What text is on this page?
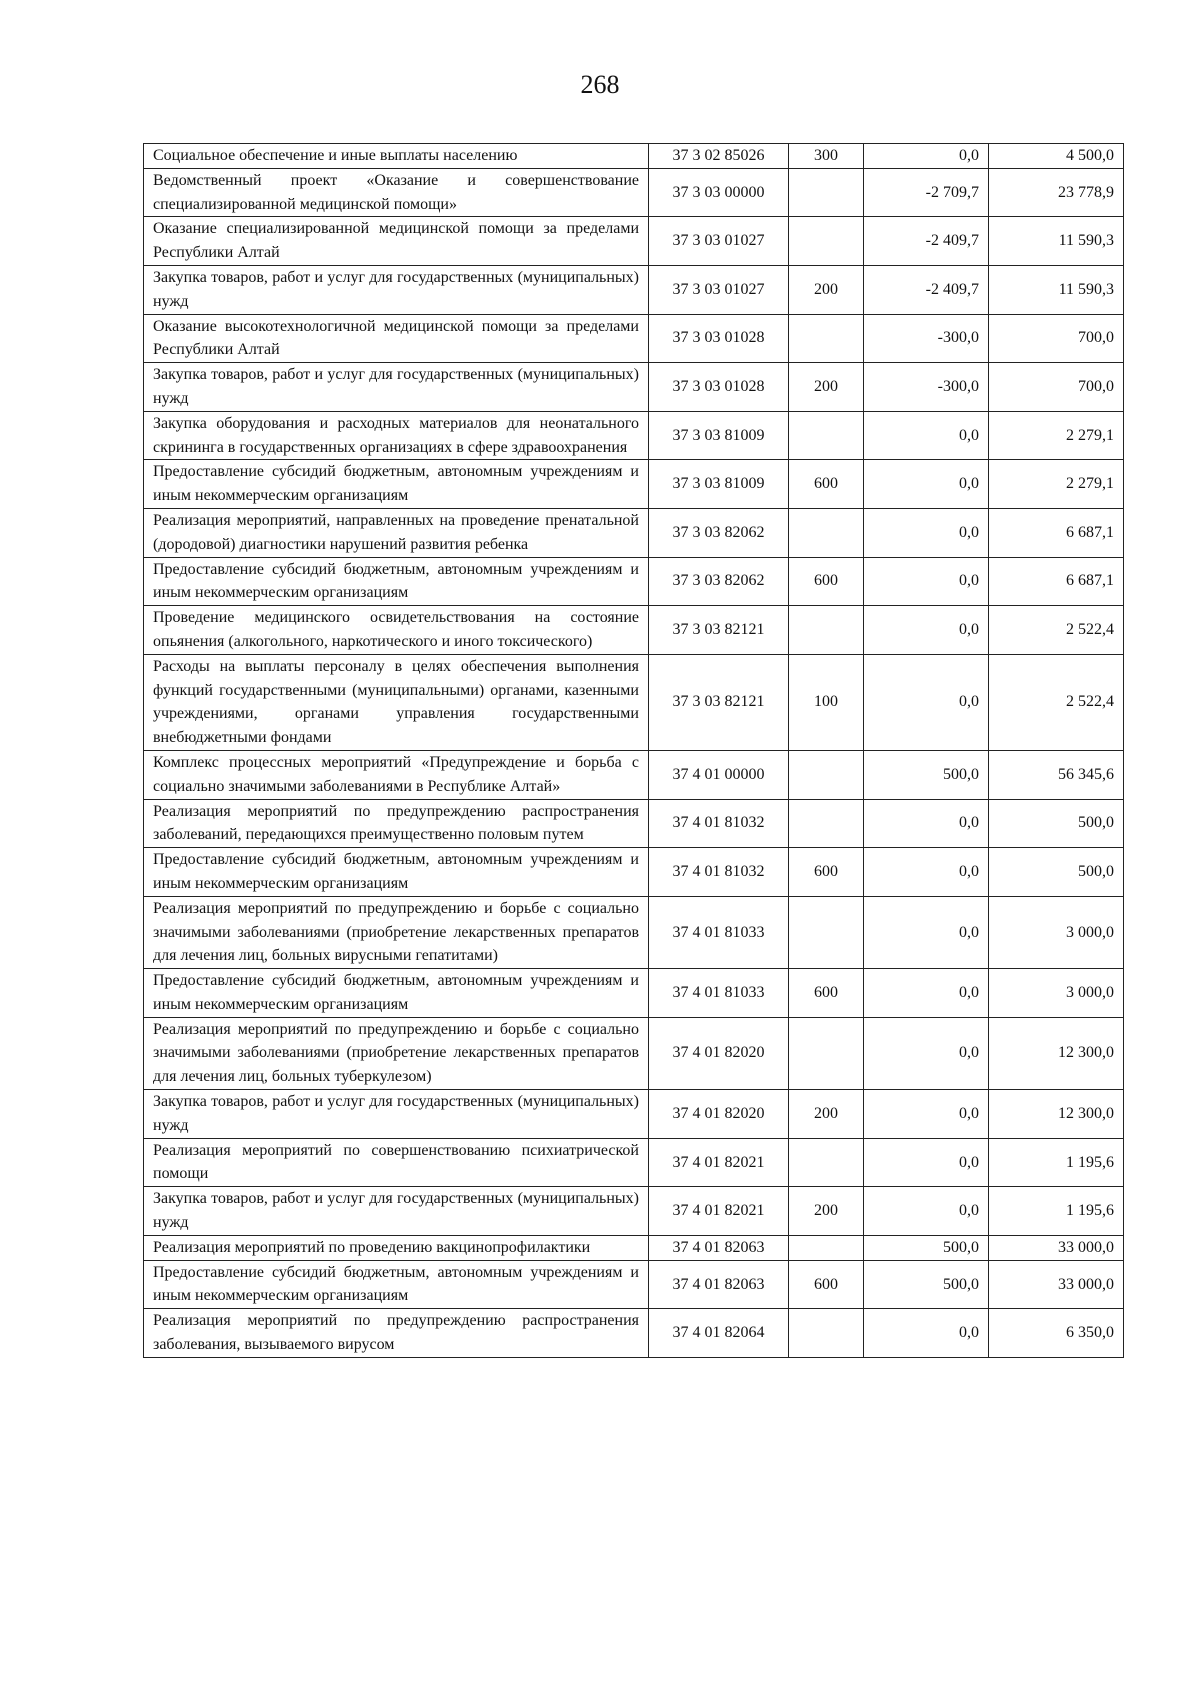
268
Социальное обеспечение и иные выплаты населению	37 3 02 85026	300	0,0	4 500,0
Ведомственный проект «Оказание и совершенствование специализированной медицинской помощи»	37 3 03 00000		-2 709,7	23 778,9
Оказание специализированной медицинской помощи за пределами Республики Алтай	37 3 03 01027		-2 409,7	11 590,3
Закупка товаров, работ и услуг для государственных (муниципальных) нужд	37 3 03 01027	200	-2 409,7	11 590,3
Оказание высокотехнологичной медицинской помощи за пределами Республики Алтай	37 3 03 01028		-300,0	700,0
Закупка товаров, работ и услуг для государственных (муниципальных) нужд	37 3 03 01028	200	-300,0	700,0
Закупка оборудования и расходных материалов для неонатального скрининга в государственных организациях в сфере здравоохранения	37 3 03 81009		0,0	2 279,1
Предоставление субсидий бюджетным, автономным учреждениям и иным некоммерческим организациям	37 3 03 81009	600	0,0	2 279,1
Реализация мероприятий, направленных на проведение пренатальной (дородовой) диагностики нарушений развития ребенка	37 3 03 82062		0,0	6 687,1
Предоставление субсидий бюджетным, автономным учреждениям и иным некоммерческим организациям	37 3 03 82062	600	0,0	6 687,1
Проведение медицинского освидетельствования на состояние опьянения (алкогольного, наркотического и иного токсического)	37 3 03 82121		0,0	2 522,4
Расходы на выплаты персоналу в целях обеспечения выполнения функций государственными (муниципальными) органами, казенными учреждениями, органами управления государственными внебюджетными фондами	37 3 03 82121	100	0,0	2 522,4
Комплекс процессных мероприятий «Предупреждение и борьба с социально значимыми заболеваниями в Республике Алтай»	37 4 01 00000		500,0	56 345,6
Реализация мероприятий по предупреждению распространения заболеваний, передающихся преимущественно половым путем	37 4 01 81032		0,0	500,0
Предоставление субсидий бюджетным, автономным учреждениям и иным некоммерческим организациям	37 4 01 81032	600	0,0	500,0
Реализация мероприятий по предупреждению и борьбе с социально значимыми заболеваниями (приобретение лекарственных препаратов для лечения лиц, больных вирусными гепатитами)	37 4 01 81033		0,0	3 000,0
Предоставление субсидий бюджетным, автономным учреждениям и иным некоммерческим организациям	37 4 01 81033	600	0,0	3 000,0
Реализация мероприятий по предупреждению и борьбе с социально значимыми заболеваниями (приобретение лекарственных препаратов для лечения лиц, больных туберкулезом)	37 4 01 82020		0,0	12 300,0
Закупка товаров, работ и услуг для государственных (муниципальных) нужд	37 4 01 82020	200	0,0	12 300,0
Реализация мероприятий по совершенствованию психиатрической помощи	37 4 01 82021		0,0	1 195,6
Закупка товаров, работ и услуг для государственных (муниципальных) нужд	37 4 01 82021	200	0,0	1 195,6
Реализация мероприятий по проведению вакцинопрофилактики	37 4 01 82063		500,0	33 000,0
Предоставление субсидий бюджетным, автономным учреждениям и иным некоммерческим организациям	37 4 01 82063	600	500,0	33 000,0
Реализация мероприятий по предупреждению распространения заболевания, вызываемого вирусом	37 4 01 82064		0,0	6 350,0
